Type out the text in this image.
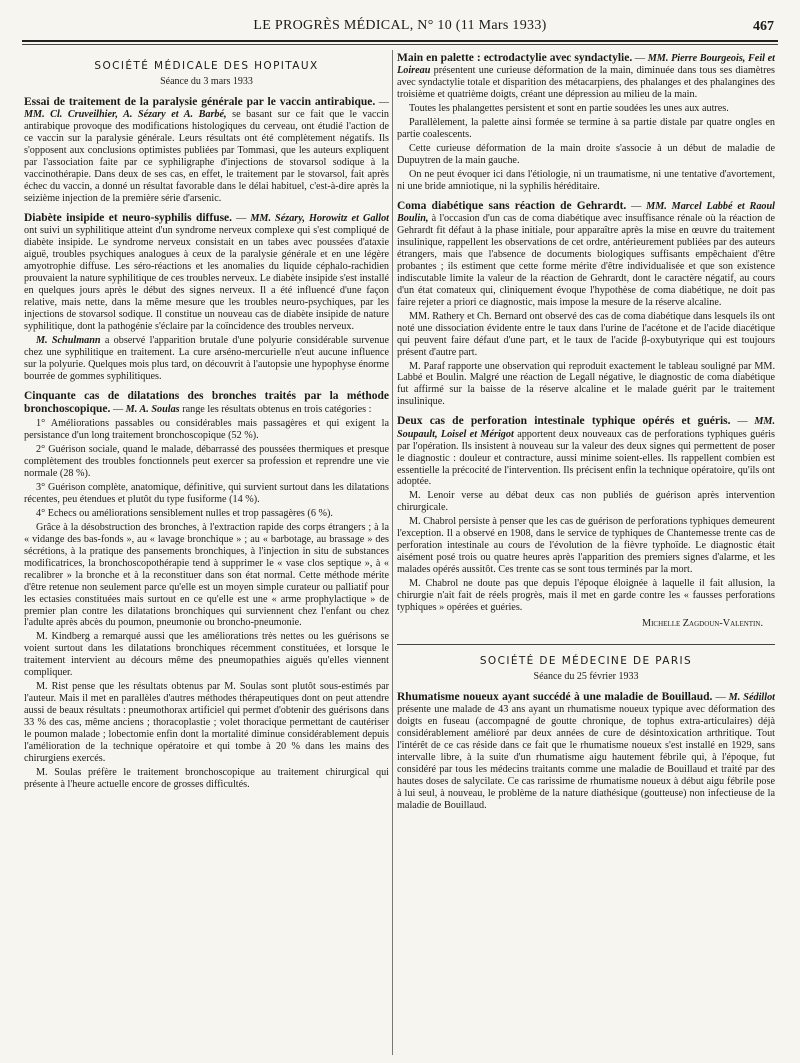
LE PROGRÈS MÉDICAL, N° 10 (11 Mars 1933)	467
SOCIÉTÉ MÉDICALE DES HOPITAUX
Séance du 3 mars 1933

Essai de traitement de la paralysie générale par le vaccin antirabique. — MM. Cl. Cruveilhier, A. Sézary et A. Barbé, se basant sur ce fait que le vaccin antirabique provoque des modifications histologiques du cerveau, ont étudié l'action de ce vaccin sur la paralysie générale. Leurs résultats ont été complètement négatifs. Ils s'opposent aux conclusions optimistes publiées par Tommasi, que les auteurs expliquent par l'association faite par ce syphiligraphe d'injections de stovarsol sodique à la vaccinothérapie. Dans deux de ses cas, en effet, le traitement par le stovarsol, fait après échec du vaccin, a donné un résultat favorable dans le délai habituel, c'est-à-dire après la seizième injection de la première série d'arsenic.

Diabète insipide et neuro-syphilis diffuse. — MM. Sézary, Horowitz et Gallot ont suivi un syphilitique atteint d'un syndrome nerveux complexe qui s'est compliqué de diabète insipide. Le syndrome nerveux consistait en un tabes avec poussées d'ataxie aiguë, troubles psychiques analogues à ceux de la paralysie générale et en une légère amyotrophie diffuse. Les séro-réactions et les anomalies du liquide céphalo-rachidien prouvaient la nature syphilitique de ces troubles nerveux. Le diabète insipide s'est installé en quelques jours après le début des signes nerveux. Il a été influencé d'une façon relative, mais nette, dans la même mesure que les troubles neuro-psychiques, par les injections de stovarsol sodique. Il constitue un nouveau cas de diabète insipide de nature syphilitique, dont la pathogénie s'éclaire par la coïncidence des troubles nerveux.

M. Schulmann a observé l'apparition brutale d'une polyurie considérable survenue chez une syphilitique en traitement. La cure arséno-mercurielle n'eut aucune influence sur la polyurie. Quelques mois plus tard, on découvrit à l'autopsie une hypophyse énorme bourrée de gommes syphilitiques.

Cinquante cas de dilatations des bronches traités par la méthode bronchoscopique. — M. A. Soulas range les résultats obtenus en trois catégories :

1° Améliorations passables ou considérables mais passagères et qui exigent la persistance d'un long traitement bronchoscopique (52 %).

2° Guérison sociale, quand le malade, débarrassé des poussées thermiques et presque complètement des troubles fonctionnels peut exercer sa profession et reprendre une vie normale (28 %).

3° Guérison complète, anatomique, définitive, qui survient surtout dans les dilatations récentes, peu étendues et plutôt du type fusiforme (14 %).

4° Echecs ou améliorations sensiblement nulles et trop passagères (6 %).

Grâce à la désobstruction des bronches, à l'extraction rapide des corps étrangers ; à la « vidange des bas-fonds », au « lavage bronchique » ; au « barbotage, au brassage » des sécrétions, à la pratique des pansements bronchiques, à l'injection in situ de substances modificatrices, la bronchoscopothérapie tend à supprimer le « vase clos septique », à « recalibrer » la bronche et à la reconstituer dans son état normal. Cette méthode mérite d'être retenue non seulement parce qu'elle est un moyen simple curateur ou palliatif pour les ectasies constituées mais surtout en ce qu'elle est une « arme prophylactique » de premier plan contre les dilatations bronchiques qui surviennent chez l'enfant ou chez l'adulte après abcès du poumon, pneumonie ou broncho-pneumonie.

M. Kindberg a remarqué aussi que les améliorations très nettes ou les guérisons se voient surtout dans les dilatations bronchiques récemment constituées, et lorsque le traitement intervient au décours même des pneumopathies aiguës qu'elles viennent compliquer.

M. Rist pense que les résultats obtenus par M. Soulas sont plutôt sous-estimés par l'auteur. Mais il met en parallèles d'autres méthodes thérapeutiques dont on peut attendre aussi de beaux résultats : pneumothorax artificiel qui permet d'obtenir des guérisons dans 33 % des cas, même anciens ; thoracoplastie ; volet thoracique permettant de cautériser le poumon malade ; lobectomie enfin dont la mortalité diminue considérablement depuis l'amélioration de la technique opératoire et qui tombe à 20 % dans les mains des chirurgiens exercés.

M. Soulas préfère le traitement bronchoscopique au traitement chirurgical qui présente à l'heure actuelle encore de grosses difficultés.

Main en palette : ectrodactylie avec syndactylie. — MM. Pierre Bourgeois, Feil et Loireau présentent une curieuse déformation de la main, diminuée dans tous ses diamètres avec syndactylie totale et disparition des métacarpiens, des phalanges et des phalangines des troisième et quatrième doigts, créant une dépression au milieu de la main.

Toutes les phalangettes persistent et sont en partie soudées les unes aux autres.

Parallèlement, la palette ainsi formée se termine à sa partie distale par quatre ongles en partie coalescents.

Cette curieuse déformation de la main droite s'associe à un début de maladie de Dupuytren de la main gauche.

On ne peut évoquer ici dans l'étiologie, ni un traumatisme, ni une tentative d'avortement, ni une bride amniotique, ni la syphilis héréditaire.

Coma diabétique sans réaction de Gehrardt. — MM. Marcel Labbé et Raoul Boulin, à l'occasion d'un cas de coma diabétique avec insuffisance rénale où la réaction de Gehrardt fit défaut à la phase initiale, pour apparaître après la mise en œuvre du traitement insulinique, rappellent les observations de cet ordre, antérieurement publiées par des auteurs étrangers, mais que l'absence de documents biologiques suffisants empêchaient d'être probantes ; ils estiment que cette forme mérite d'être individualisée et que son existence indiscutable limite la valeur de la réaction de Gehrardt, dont le caractère négatif, au cours d'un état comateux qui, cliniquement évoque l'hypothèse de coma diabétique, ne doit pas faire rejeter a priori ce diagnostic, mais impose la mesure de la réserve alcaline.

MM. Rathery et Ch. Bernard ont observé des cas de coma diabétique dans lesquels ils ont noté une dissociation évidente entre le taux dans l'urine de l'acétone et de l'acide diacétique qui peuvent faire défaut d'une part, et le taux de l'acide β-oxybutyrique qui est toujours présent d'autre part.

M. Paraf rapporte une observation qui reproduit exactement le tableau souligné par MM. Labbé et Boulin. Malgré une réaction de Legall négative, le diagnostic de coma diabétique fut affirmé sur la baisse de la réserve alcaline et le malade guérit par le traitement insulinique.

Deux cas de perforation intestinale typhique opérés et guéris. — MM. Soupault, Loisel et Mérigot apportent deux nouveaux cas de perforations typhiques guéris par l'opération. Ils insistent à nouveau sur la valeur des deux signes qui permettent de poser le diagnostic : douleur et contracture, aussi minime soient-elles. Ils rappellent combien est essentielle la précocité de l'intervention. Ils précisent enfin la technique opératoire, qu'ils ont adoptée.

M. Lenoir verse au débat deux cas non publiés de guérison après intervention chirurgicale.

M. Chabrol persiste à penser que les cas de guérison de perforations typhiques demeurent l'exception. Il a observé en 1908, dans le service de typhiques de Chantemesse trente cas de perforation intestinale au cours de l'évolution de la fièvre typhoïde. Le diagnostic était aisément posé trois ou quatre heures après l'apparition des premiers signes d'alarme, et les malades opérés aussitôt. Ces trente cas se sont tous terminés par la mort.

M. Chabrol ne doute pas que depuis l'époque éloignée à laquelle il fait allusion, la chirurgie n'ait fait de réels progrès, mais il met en garde contre les « fausses perforations typhiques » opérées et guéries.

Michelle Zagdoun-Valentin.
SOCIÉTÉ DE MÉDECINE DE PARIS
Séance du 25 février 1933

Rhumatisme noueux ayant succédé à une maladie de Bouillaud. — M. Sédillot présente une malade de 43 ans ayant un rhumatisme noueux typique avec déformation des doigts en fuseau (accompagné de goutte chronique, de tophus extra-articulaires) déjà considérablement amélioré par deux années de cure de désintoxication arthritique. Tout l'intérêt de ce cas réside dans ce fait que le rhumatisme noueux s'est installé en 1929, sans intervalle libre, à la suite d'un rhumatisme aigu hautement fébrile qui, à l'époque, fut considéré par tous les médecins traitants comme une maladie de Bouillaud et traité par des hautes doses de salycilate. Ce cas rarissime de rhumatisme noueux à début aigu fébrile pose à lui seul, à nouveau, le problème de la nature diathésique (goutteuse) non infectieuse de la maladie de Bouillaud.
